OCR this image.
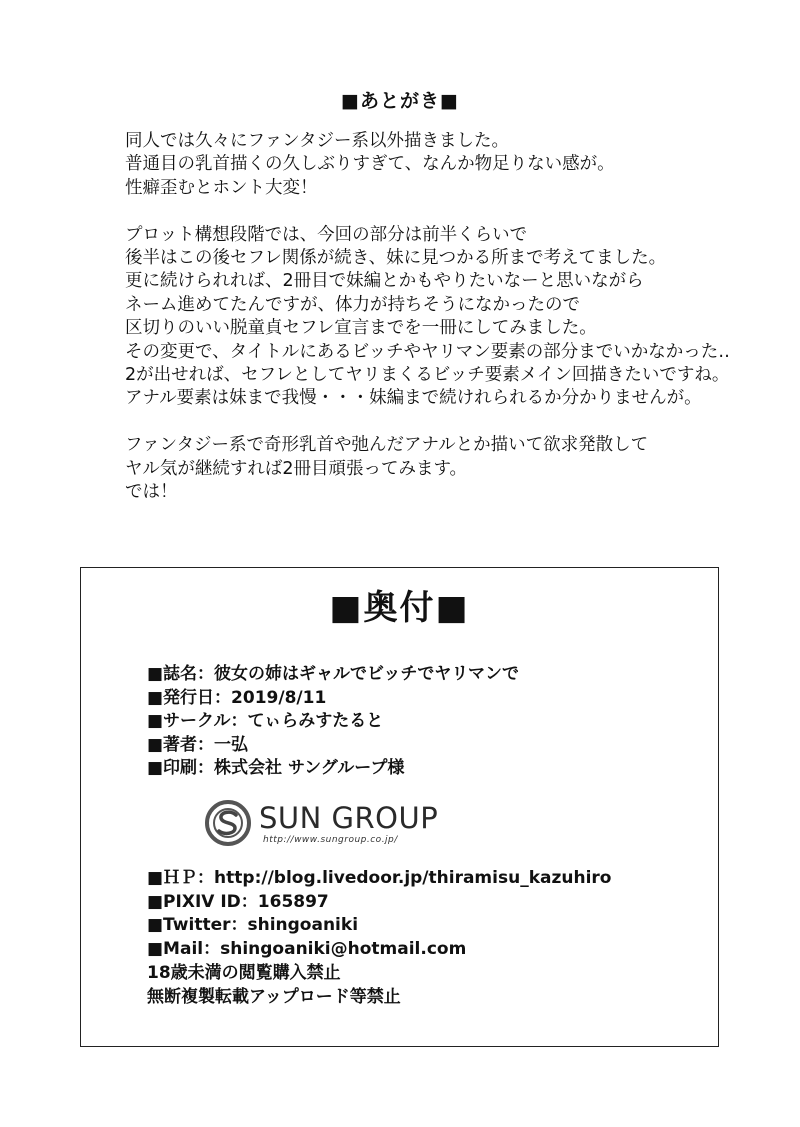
■あとがき■

同人では久々にファンタジー系以外描きました。
普通目の乳首描くの久しぶりすぎて、なんか物足りない感が。
性癖歪むとホント大変！

プロット構想段階では、今回の部分は前半くらいで
後半はこの後セフレ関係が続き、妹に見つかる所まで考えてました。
更に続けられれば、2冊目で妹編とかもやりたいなーと思いながら
ネーム進めてたんですが、体力が持ちそうになかったので
区切りのいい脱童貞セフレ宣言までを一冊にしてみました。
その変更で、タイトルにあるビッチやヤリマン要素の部分までいかなかった‥
2が出せれば、セフレとしてヤリまくるビッチ要素メイン回描きたいですね。
アナル要素は妹まで我慢・・・妹編まで続けれられるか分かりませんが。

ファンタジー系で奇形乳首や弛んだアナルとか描いて欲求発散して
ヤル気が継続すれば2冊目頑張ってみます。
では！

■奥付■
■誌名：彼女の姉はギャルでビッチでヤリマンで
■発行日：2019/8/11
■サークル：てぃらみすたると
■著者：一弘
■印刷：株式会社 サングループ様
SUN GROUP
http://www.sungroup.co.jp/
■ＨＰ：http://blog.livedoor.jp/thiramisu_kazuhiro
■PIXIV ID：165897
■Twitter：shingoaniki
■Mail：shingoaniki@hotmail.com
18歳未満の閲覧購入禁止
無断複製転載アップロード等禁止
